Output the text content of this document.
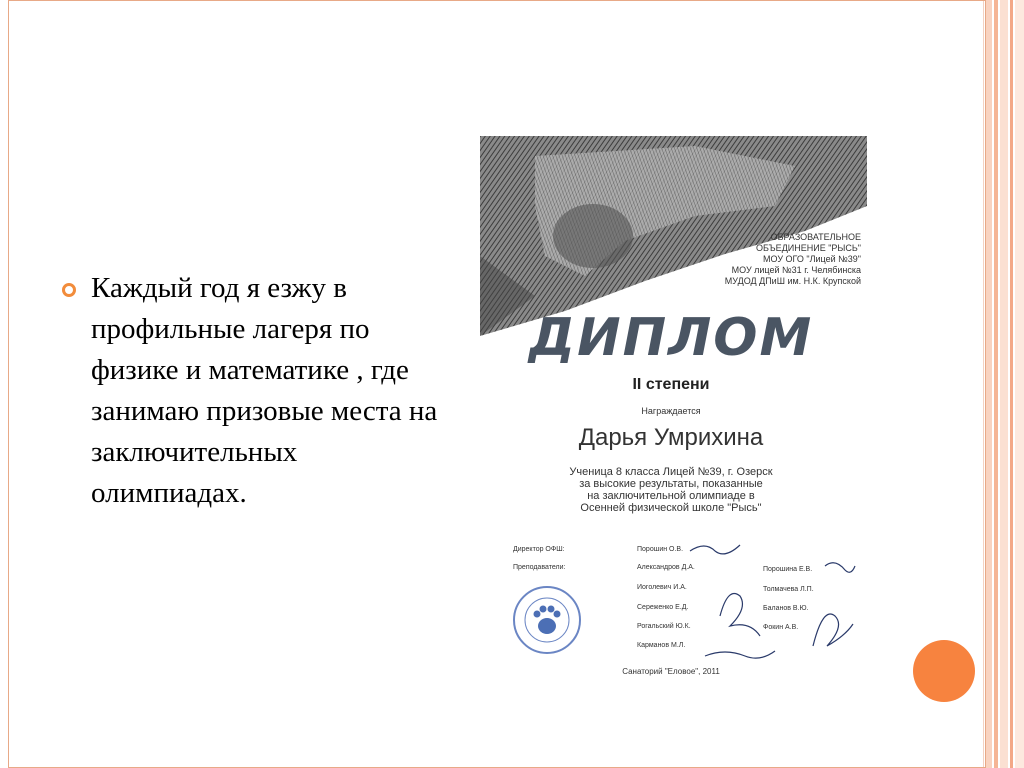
Каждый год я езжу в профильные лагеря по физике и математике , где занимаю призовые места на заключительных олимпиадах.
ОБРАЗОВАТЕЛЬНОЕ
ОБЪЕДИНЕНИЕ "РЫСЬ"
МОУ ОГО "Лицей №39"
МОУ лицей №31 г. Челябинска
МУДОД ДПиШ им. Н.К. Крупской
ДИПЛОМ
II степени
Награждается
Дарья Умрихина
Ученица 8 класса Лицей №39, г. Озерск
за высокие результаты, показанные
на заключительной олимпиаде в
Осенней физической школе "Рысь"
Директор ОФШ:
Преподаватели:
Порошин О.В.
Александров Д.А.
Иоголевич И.А.
Сереженко Е.Д.
Рогальский Ю.К.
Карманов М.Л.
Порошина Е.В.
Толмачева Л.П.
Баланов В.Ю.
Фокин А.В.
Санаторий "Еловое", 2011
